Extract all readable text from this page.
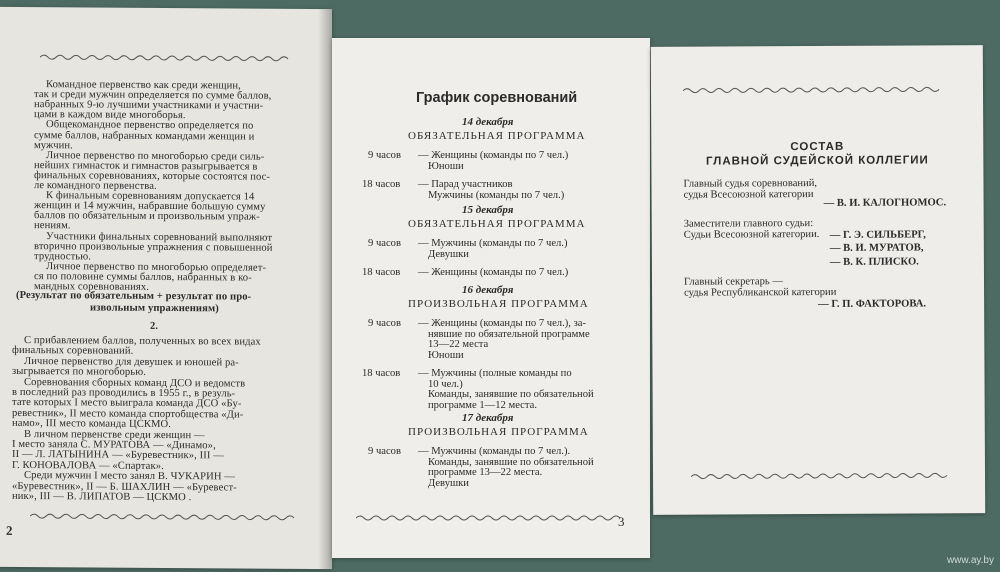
Командное первенство как среди женщин,
так и среди мужчин определяется по сумме баллов,
набранных 9-ю лучшими участниками и участни-
цами в каждом виде многоборья.
Общекомандное первенство определяется по
сумме баллов, набранных командами женщин и
мужчин.
Личное первенство по многоборью среди силь-
нейших гимнасток и гимнастов разыгрывается в
финальных соревнованиях, которые состоятся пос-
ле командного первенства.
К финальным соревнованиям допускается 14
женщин и 14 мужчин, набравшие большую сумму
баллов по обязательным и произвольным упраж-
нениям.
Участники финальных соревнований выполняют
вторично произвольные упражнения с повышенной
трудностью.
Личное первенство по многоборью определяет-
ся по половине суммы баллов, набранных в ко-
мандных соревнованиях.
(Результат по обязательным + результат по про-
извольным упражнениям)
2.
С прибавлением баллов, полученных во всех видах
финальных соревнований.
Личное первенство для девушек и юношей ра-
зыгрывается по многоборью.
Соревнования сборных команд ДСО и ведомств
в последний раз проводились в 1955 г., в резуль-
тате которых I место выиграла команда ДСО «Бу-
ревестник», II место команда спортобщества «Ди-
намо», III место команда ЦСКМО.
В личном первенстве среди женщин —
I место заняла С. МУРАТОВА — «Динамо»,
II — Л. ЛАТЫНИНА — «Буревестник», III —
Г. КОНОВАЛОВА — «Спартак».
Среди мужчин I место занял В. ЧУКАРИН —
«Буревестник», II — Б. ШАХЛИН — «Буревест-
ник», III — В. ЛИПАТОВ — ЦСКМО .
2
График соревнований
14 декабря
ОБЯЗАТЕЛЬНАЯ ПРОГРАММА
9 часов — Женщины (команды по 7 чел.)
Юноши
18 часов — Парад участников
Мужчины (команды по 7 чел.)
15 декабря
ОБЯЗАТЕЛЬНАЯ ПРОГРАММА
9 часов — Мужчины (команды по 7 чел.)
Девушки
18 часов — Женщины (команды по 7 чел.)
16 декабря
ПРОИЗВОЛЬНАЯ ПРОГРАММА
9 часов — Женщины (команды по 7 чел.), за-
нявшие по обязательной программе
13—22 места
Юноши
18 часов — Мужчины (полные команды по
10 чел.)
Команды, занявшие по обязательной
программе 1—12 места.
17 декабря
ПРОИЗВОЛЬНАЯ ПРОГРАММА
9 часов — Мужчины (команды по 7 чел.).
Команды, занявшие по обязательной
программе 13—22 места.
Девушки
3
СОСТАВ
ГЛАВНОЙ СУДЕЙСКОЙ КОЛЛЕГИИ
Главный судья соревнований,
судья Всесоюзной категории
— В. И. КАЛОГНОМОС.
Заместители главного судьи:
Судьи Всесоюзной категории. — Г. Э. СИЛЬБЕРГ,
— В. И. МУРАТОВ,
— В. К. ПЛИСКО.
Главный секретарь —
судья Республиканской категории
— Г. П. ФАКТОРОВА.
www.ay.by
